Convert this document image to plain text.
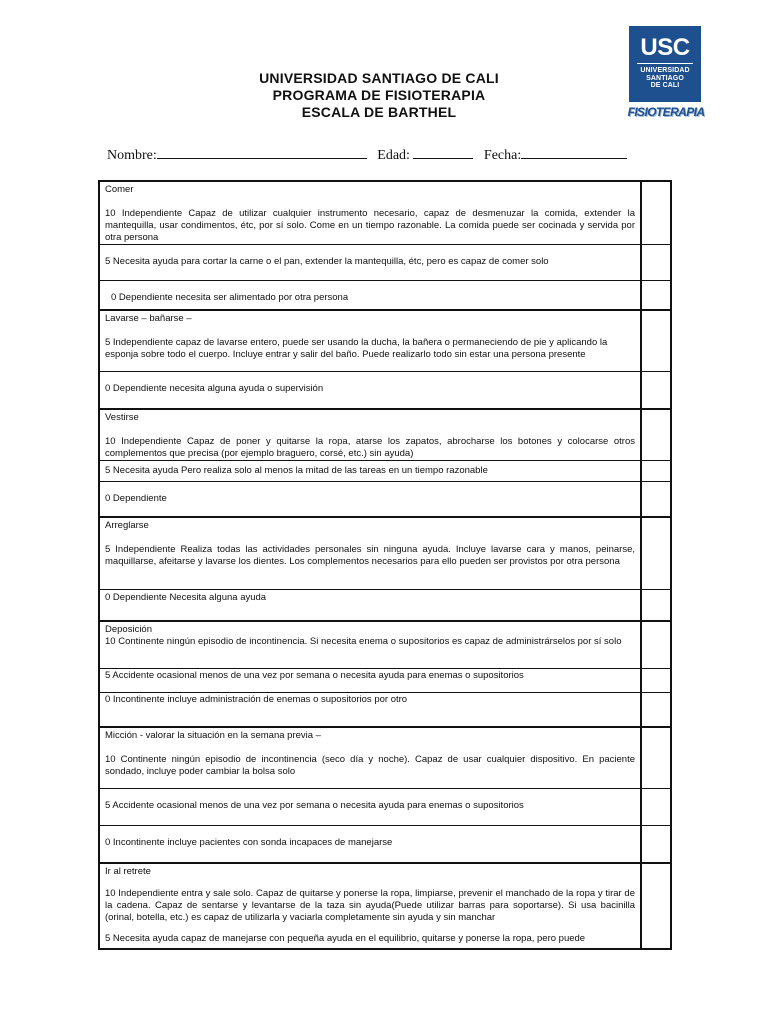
UNIVERSIDAD SANTIAGO DE CALI
PROGRAMA DE FISIOTERAPIA
ESCALA DE BARTHEL
USC
UNIVERSIDAD
SANTIAGO
DE CALI
FISIOTERAPIA
Nombre:	Edad:	Fecha:
Comer
10 Independiente Capaz de utilizar cualquier instrumento necesario, capaz de desmenuzar la comida, extender la mantequilla, usar condimentos, étc, por sí solo. Come en un tiempo razonable. La comida puede ser cocinada y servida por otra persona	

5 Necesita ayuda para cortar la carne o el pan, extender la mantequilla, étc, pero es capaz de comer solo	
0 Dependiente necesita ser alimentado por otra persona	

Lavarse – bañarse –
5 Independiente capaz de lavarse entero, puede ser usando la ducha, la bañera o permaneciendo de pie y aplicando la esponja sobre todo el cuerpo. Incluye entrar y salir del baño. Puede realizarlo todo sin estar una persona presente	
0 Dependiente necesita alguna ayuda o supervisión	

Vestirse
10 Independiente Capaz de poner y quitarse la ropa, atarse los zapatos, abrocharse los botones y colocarse otros complementos que precisa (por ejemplo braguero, corsé, etc.) sin ayuda)	

5 Necesita ayuda Pero realiza solo al menos la mitad de las tareas en un tiempo razonable	
0 Dependiente	

Arreglarse
5 Independiente Realiza todas las actividades personales sin ninguna ayuda. Incluye lavarse cara y manos, peinarse, maquillarse, afeitarse y lavarse los dientes. Los complementos necesarios para ello pueden ser provistos por otra persona	

0 Dependiente Necesita alguna ayuda	

Deposición
10 Continente ningún episodio de incontinencia. Si necesita enema o supositorios es capaz de administrárselos por sí solo	

5 Accidente ocasional menos de una vez por semana o necesita ayuda para enemas o supositorios	
0 Incontinente incluye administración de enemas o supositorios por otro	

Micción - valorar la situación en la semana previa –
10 Continente ningún episodio de incontinencia (seco día y noche). Capaz de usar cualquier dispositivo. En paciente sondado, incluye poder cambiar la bolsa solo	

5 Accidente ocasional menos de una vez por semana o necesita ayuda para enemas o supositorios	
0 Incontinente incluye pacientes con sonda incapaces de manejarse	

Ir al retrete
10 Independiente entra y sale solo. Capaz de quitarse y ponerse la ropa, limpiarse, prevenir el manchado de la ropa y tirar de la cadena. Capaz de sentarse y levantarse de la taza sin ayuda(Puede utilizar barras para soportarse). Si usa bacinilla (orinal, botella, etc.) es capaz de utilizarla y vaciarla completamente sin ayuda y sin manchar
5 Necesita ayuda capaz de manejarse con pequeña ayuda en el equilibrio, quitarse y ponerse la ropa, pero puede	
